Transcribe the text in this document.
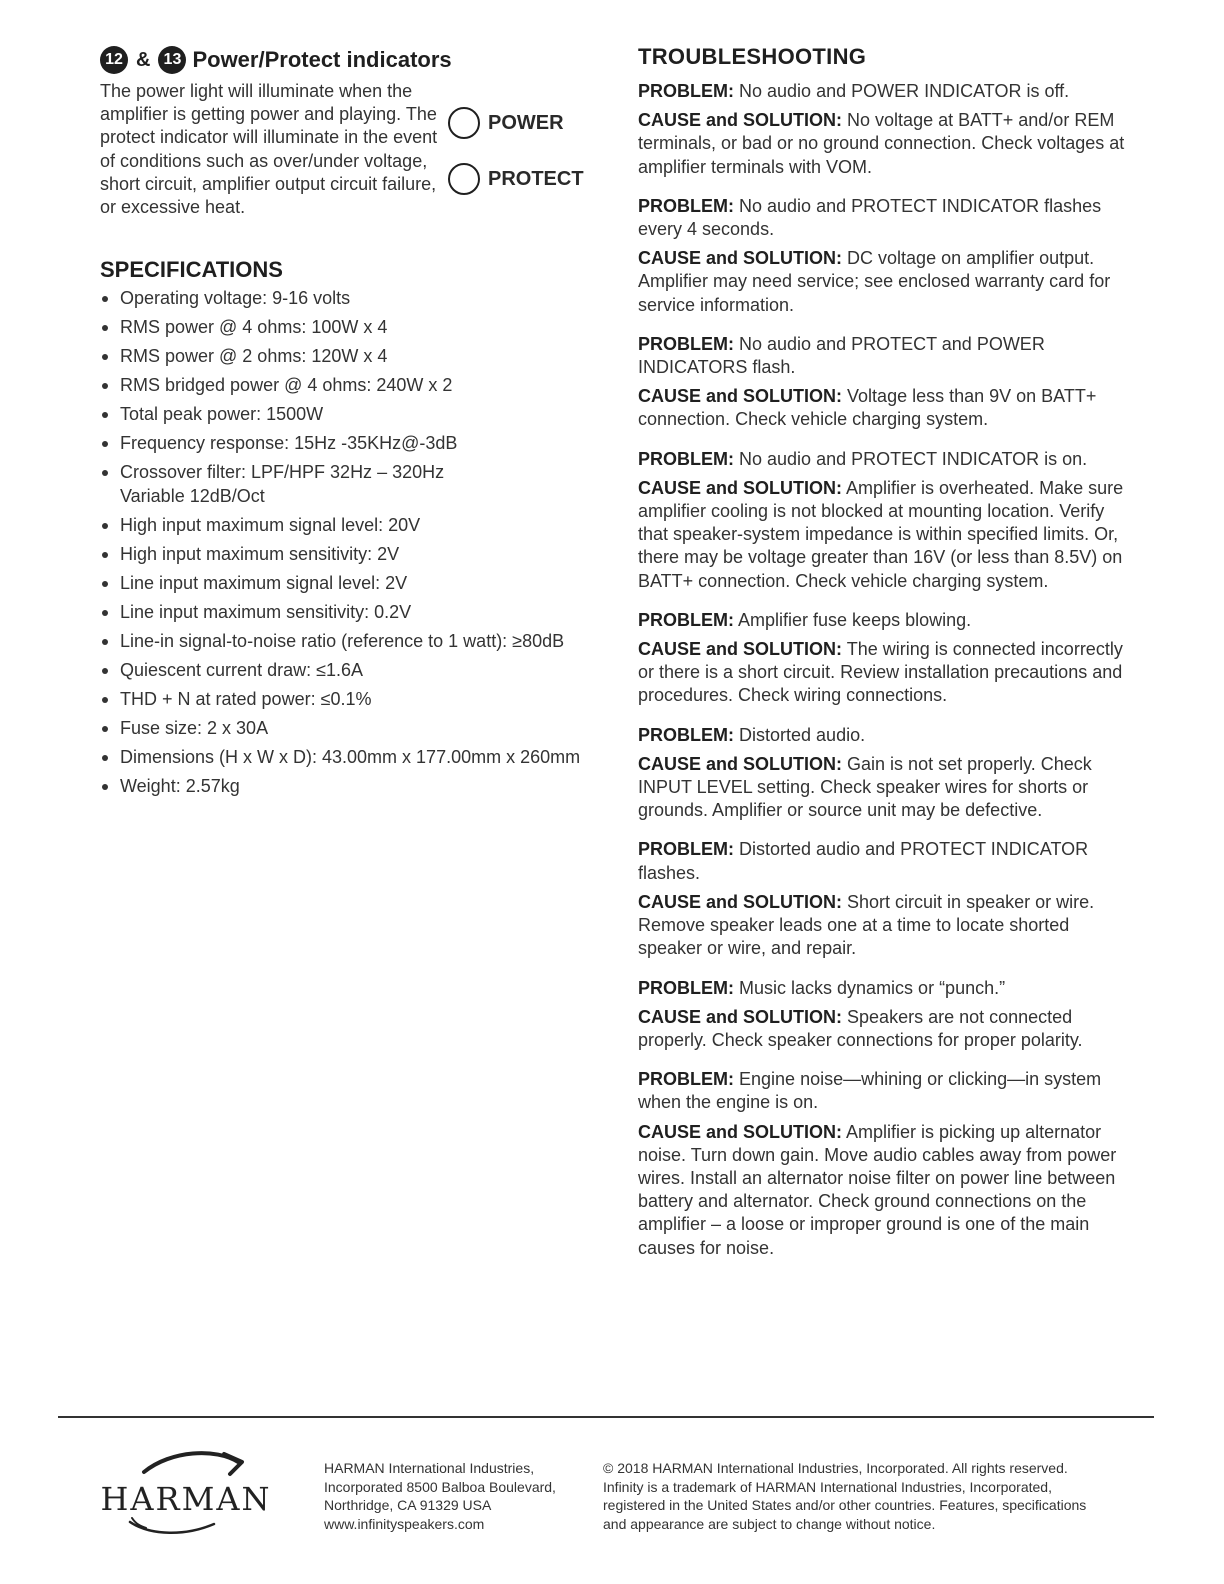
12 & 13 Power/Protect indicators

The power light will illuminate when the amplifier is getting power and playing. The protect indicator will illuminate in the event of conditions such as over/under voltage, short circuit, amplifier output circuit failure, or excessive heat.

POWER
PROTECT
SPECIFICATIONS
Operating voltage: 9-16 volts
RMS power @ 4 ohms: 100W x 4
RMS power @ 2 ohms: 120W x 4
RMS bridged power @ 4 ohms: 240W x 2
Total peak power: 1500W
Frequency response: 15Hz -35KHz@-3dB
Crossover filter: LPF/HPF 32Hz – 320Hz
Variable 12dB/Oct
High input maximum signal level: 20V
High input maximum sensitivity: 2V
Line input maximum signal level: 2V
Line input maximum sensitivity: 0.2V
Line-in signal-to-noise ratio (reference to 1 watt): ≥80dB
Quiescent current draw: ≤1.6A
THD + N at rated power: ≤0.1%
Fuse size: 2 x 30A
Dimensions (H x W x D): 43.00mm x 177.00mm x 260mm
Weight: 2.57kg
TROUBLESHOOTING

PROBLEM: No audio and POWER INDICATOR is off.

CAUSE and SOLUTION: No voltage at BATT+ and/or REM terminals, or bad or no ground connection. Check voltages at amplifier terminals with VOM.

PROBLEM: No audio and PROTECT INDICATOR flashes every 4 seconds.

CAUSE and SOLUTION: DC voltage on amplifier output. Amplifier may need service; see enclosed warranty card for service information.

PROBLEM: No audio and PROTECT and POWER INDICATORS flash.

CAUSE and SOLUTION: Voltage less than 9V on BATT+ connection. Check vehicle charging system.

PROBLEM: No audio and PROTECT INDICATOR is on.

CAUSE and SOLUTION: Amplifier is overheated. Make sure amplifier cooling is not blocked at mounting location. Verify that speaker-system impedance is within specified limits. Or, there may be voltage greater than 16V (or less than 8.5V) on BATT+ connection. Check vehicle charging system.

PROBLEM: Amplifier fuse keeps blowing.

CAUSE and SOLUTION: The wiring is connected incorrectly or there is a short circuit. Review installation precautions and procedures. Check wiring connections.

PROBLEM: Distorted audio.

CAUSE and SOLUTION: Gain is not set properly. Check INPUT LEVEL setting. Check speaker wires for shorts or grounds. Amplifier or source unit may be defective.

PROBLEM: Distorted audio and PROTECT INDICATOR flashes.

CAUSE and SOLUTION: Short circuit in speaker or wire. Remove speaker leads one at a time to locate shorted speaker or wire, and repair.

PROBLEM: Music lacks dynamics or “punch.”

CAUSE and SOLUTION: Speakers are not connected properly. Check speaker connections for proper polarity.

PROBLEM: Engine noise—whining or clicking—in system when the engine is on.

CAUSE and SOLUTION: Amplifier is picking up alternator noise. Turn down gain. Move audio cables away from power wires. Install an alternator noise filter on power line between battery and alternator. Check ground connections on the amplifier – a loose or improper ground is one of the main causes for noise.

HARMAN
HARMAN International Industries,
Incorporated 8500 Balboa Boulevard,
Northridge, CA 91329 USA
www.infinityspeakers.com
© 2018 HARMAN International Industries, Incorporated. All rights reserved.
Infinity is a trademark of HARMAN International Industries, Incorporated,
registered in the United States and/or other countries. Features, specifications
and appearance are subject to change without notice.
